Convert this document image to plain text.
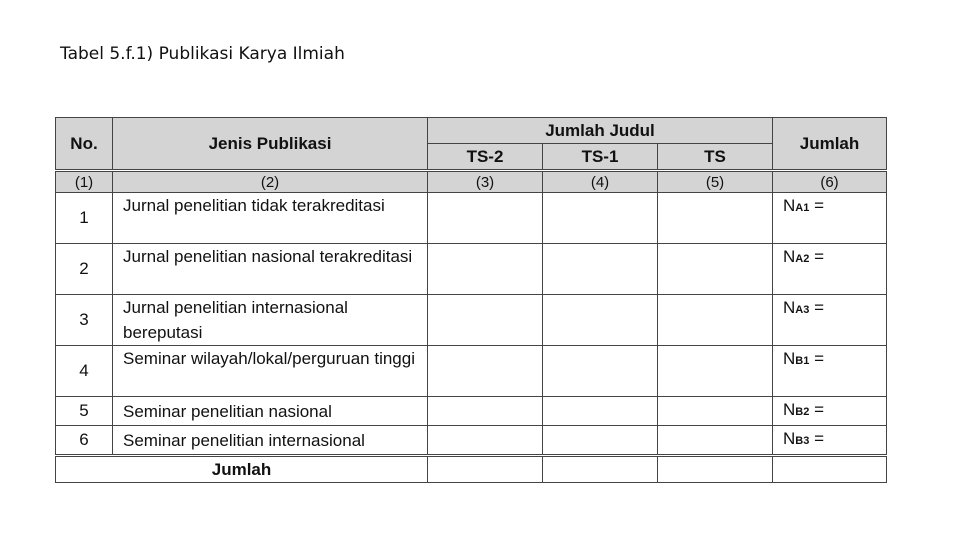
Tabel 5.f.1) Publikasi Karya Ilmiah
No.	Jenis Publikasi	Jumlah Judul			Jumlah
		TS-2	TS-1	TS	
(1)	(2)	(3)	(4)	(5)	(6)
1	Jurnal penelitian tidak terakreditasi				NA1 =
2	Jurnal penelitian nasional terakreditasi				NA2 =
3	Jurnal penelitian internasional bereputasi				NA3 =
4	Seminar wilayah/lokal/perguruan tinggi				NB1 =
5	Seminar penelitian nasional				NB2 =
6	Seminar penelitian internasional				NB3 =
Jumlah					
